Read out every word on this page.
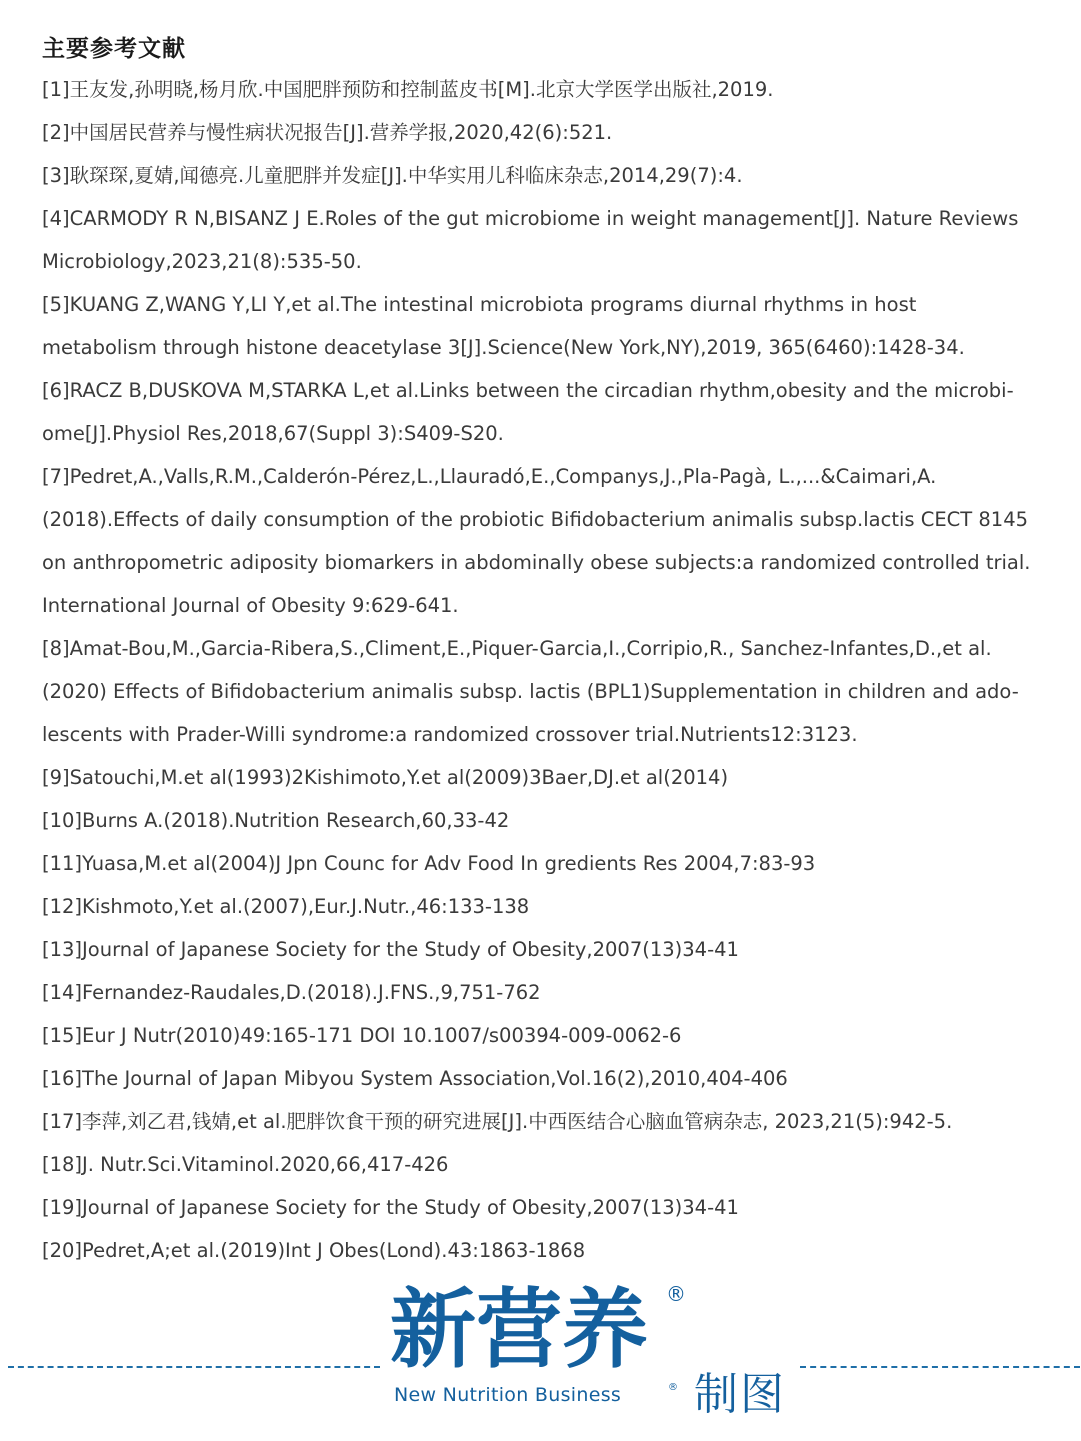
主要参考文献

[1]王友发,孙明晓,杨月欣.中国肥胖预防和控制蓝皮书[M].北京大学医学出版社,2019.

[2]中国居民营养与慢性病状况报告[J].营养学报,2020,42(6):521.

[3]耿琛琛,夏婧,闻德亮.儿童肥胖并发症[J].中华实用儿科临床杂志,2014,29(7):4.

[4]CARMODY R N,BISANZ J E.Roles of the gut microbiome in weight management[J]. Nature Reviews Microbiology,2023,21(8):535-50.

[5]KUANG Z,WANG Y,LI Y,et al.The intestinal microbiota programs diurnal rhythms in host metabolism through histone deacetylase 3[J].Science(New York,NY),2019, 365(6460):1428-34.

[6]RACZ B,DUSKOVA M,STARKA L,et al.Links between the circadian rhythm,obesity and the microbi-ome[J].Physiol Res,2018,67(Suppl 3):S409-S20.

[7]Pedret,A.,Valls,R.M.,Calderón-Pérez,L.,Llauradó,E.,Companys,J.,Pla-Pagà, L.,...&Caimari,A.(2018).Effects of daily consumption of the probiotic Bifidobacterium animalis subsp.lactis CECT 8145 on anthropometric adiposity biomarkers in abdominally obese subjects:a randomized controlled trial. International Journal of Obesity 9:629-641.

[8]Amat-Bou,M.,Garcia-Ribera,S.,Climent,E.,Piquer-Garcia,I.,Corripio,R., Sanchez-Infantes,D.,et al.(2020) Effects of Bifidobacterium animalis subsp. lactis (BPL1)Supplementation in children and ado-lescents with Prader-Willi syndrome:a randomized crossover trial.Nutrients12:3123.

[9]Satouchi,M.et al(1993)2Kishimoto,Y.et al(2009)3Baer,DJ.et al(2014)

[10]Burns A.(2018).Nutrition Research,60,33-42

[11]Yuasa,M.et al(2004)J Jpn Counc for Adv Food In gredients Res 2004,7:83-93

[12]Kishmoto,Y.et al.(2007),Eur.J.Nutr.,46:133-138

[13]Journal of Japanese Society for the Study of Obesity,2007(13)34-41

[14]Fernandez-Raudales,D.(2018).J.FNS.,9,751-762

[15]Eur J Nutr(2010)49:165-171 DOI 10.1007/s00394-009-0062-6

[16]The Journal of Japan Mibyou System Association,Vol.16(2),2010,404-406

[17]李萍,刘乙君,钱婧,et al.肥胖饮食干预的研究进展[J].中西医结合心脑血管病杂志, 2023,21(5):942-5.

[18]J. Nutr.Sci.Vitaminol.2020,66,417-426

[19]Journal of Japanese Society for the Study of Obesity,2007(13)34-41

[20]Pedret,A;et al.(2019)Int J Obes(Lond).43:1863-1868

新营养 ®
New Nutrition Business	® 制图
